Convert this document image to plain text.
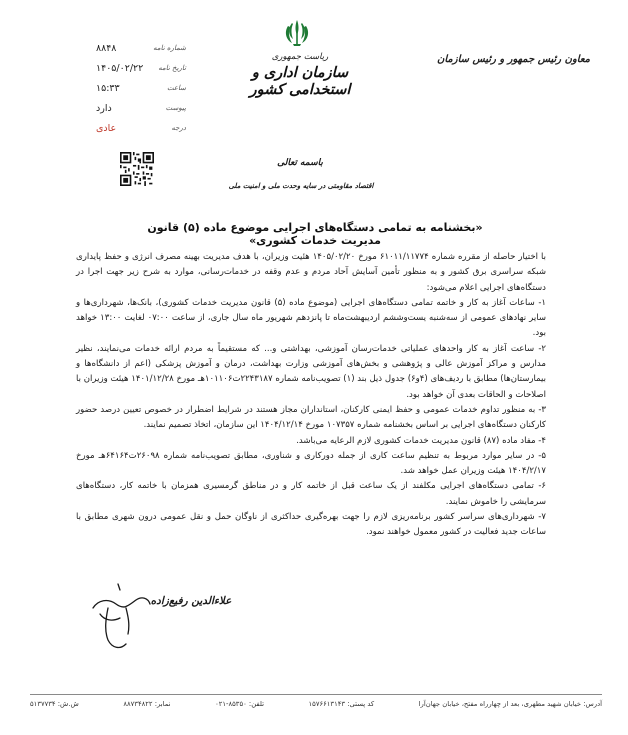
شماره نامه
۸۸۴۸
تاریخ نامه
۱۴۰۵/۰۲/۲۲
ساعت
۱۵:۳۳
پیوست
دارد
درجه
عادی
ریاست جمهوری
سازمان اداری و استخدامی کشور
معاون رئیس جمهور و رئیس سازمان
باسمه تعالی
اقتصاد مقاومتی در سایه وحدت ملی و امنیت ملی
«بخشنامه به تمامی دستگاه‌های اجرایی موضوع ماده (۵) قانون مدیریت خدمات کشوری»

با اختیار حاصله از مقرره شماره ۶۱۰۱۱/۱۱۷۷۴ مورخ ۱۴۰۵/۰۲/۲۰ هئیت وزیران، با هدف مدیریت بهینه مصرف انرژی و حفظ پایداری شبکه سراسری برق کشور و به منظور تأمین آسایش آحاد مردم و عدم وقفه در خدمات‌رسانی، موارد به شرح زیر جهت اجرا در دستگاه‌های اجرایی اعلام می‌شود:

۱- ساعات آغاز به کار و خاتمه تمامی دستگاه‌های اجرایی (موضوع ماده (۵) قانون مدیریت خدمات کشوری)، بانک‌ها، شهرداری‌ها و سایر نهادهای عمومی از سه‌شنبه‌ یست‌وششم اردیبهشت‌ماه تا پانزدهم شهریور ماه سال جاری، از ساعت ۰۷:۰۰ لغایت ۱۳:۰۰ خواهد بود.

۲- ساعت آغاز به کار واحدهای عملیاتی خدمات‌رسان آموزشی، بهداشتی و... که مستقیماً به مردم ارائه خدمات می‌نمایند، نظیر مدارس و مراکز آموزش عالی و پژوهشی و بخش‌های آموزشی وزارت بهداشت، درمان و آموزش پزشکی (اعم از دانشگاه‌ها و بیمارستان‌ها) مطابق با ردیف‌های (۴و۶) جدول ذیل بند (۱) تصویب‌نامه شماره ۲۲۴۳۱۸۷ت۱۰۱۱۰۶هـ مورخ ۱۴۰۱/۱۲/۲۸ هیئت وزیران با اصلاحات و الحاقات بعدی آن خواهد بود.

۳- به منظور تداوم خدمات عمومی و حفظ ایمنی کارکنان، استانداران مجاز هستند در شرایط اضطرار در خصوص تعیین درصد حضور کارکنان دستگاه‌های اجرایی بر اساس بخشنامه شماره ۱۰۷۳۵۷ مورخ ۱۴۰۴/۱۲/۱۴ این سازمان، اتخاذ تصمیم نمایند.

۴- مفاد ماده (۸۷) قانون مدیریت خدمات کشوری لازم الرعایه می‌باشد.

۵- در سایر موارد مربوط به تنظیم ساعت کاری از جمله دورکاری و شناوری، مطابق تصویب‌نامه شماره ۲۶۰۹۸ت۶۴۱۶۴هـ مورخ ۱۴۰۴/۲/۱۷ هیئت وزیران عمل خواهد شد.

۶- تمامی دستگاه‌های اجرایی مکلفند از یک ساعت قبل از خاتمه کار و در مناطق گرمسیری همزمان با خاتمه کار، دستگاه‌های سرمایشی را خاموش نمایند.

۷- شهرداری‌های سراسر کشور برنامه‌ریزی لازم را جهت بهره‌گیری حداکثری از ناوگان حمل و نقل عمومی درون شهری مطابق با ساعات جدید فعالیت در کشور معمول خواهند نمود.

علاء‌الدین رفیع‌زاده
آدرس: خیابان شهید مطهری، بعد از چهارراه مفتح، خیابان جهان‌آرا
کد پستی: ۱۵۷۶۶۱۳۱۴۳
تلفن: ۸۵۳۵۰-۰۲۱
نمابر: ۸۸۷۳۴۸۲۲
ش.ش: ۵۱۳۷۷۳۴
